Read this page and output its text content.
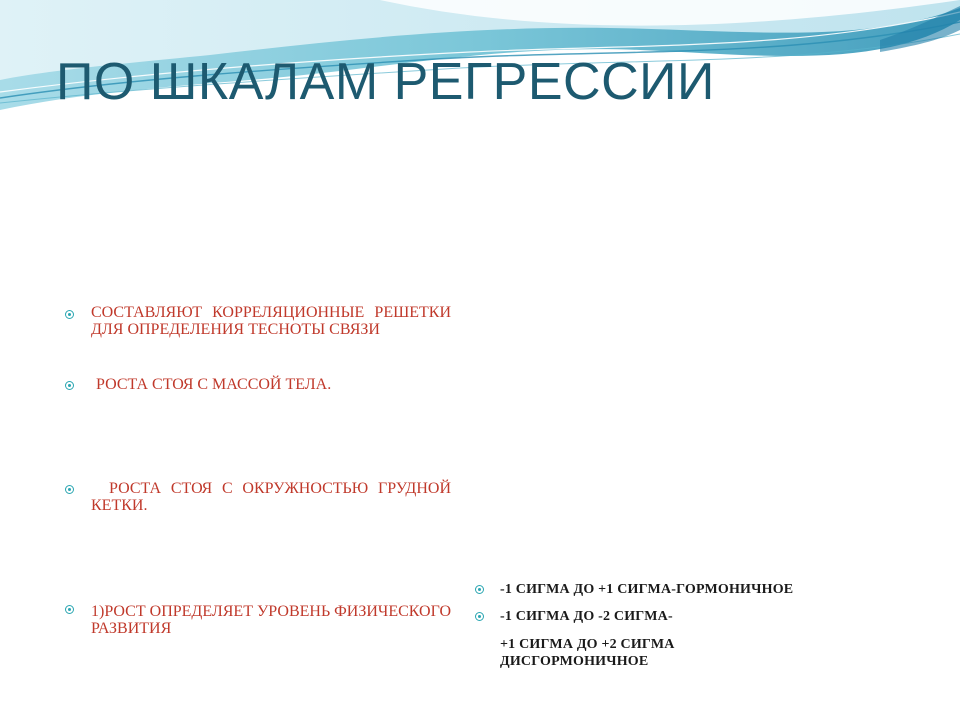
ПО ШКАЛАМ РЕГРЕССИИ
СОСТАВЛЯЮТ КОРРЕЛЯЦИОННЫЕ РЕШЕТКИ ДЛЯ ОПРЕДЕЛЕНИЯ ТЕСНОТЫ СВЯЗИ
РОСТА СТОЯ С МАССОЙ ТЕЛА.
РОСТА СТОЯ С ОКРУЖНОСТЬЮ ГРУДНОЙ КЕТКИ.
1)РОСТ ОПРЕДЕЛЯЕТ УРОВЕНЬ ФИЗИЧЕСКОГО РАЗВИТИЯ
-1 СИГМА ДО +1 СИГМА-ГОРМОНИЧНОЕ
-1 СИГМА ДО -2 СИГМА-
+1 СИГМА ДО +2 СИГМА ДИСГОРМОНИЧНОЕ
